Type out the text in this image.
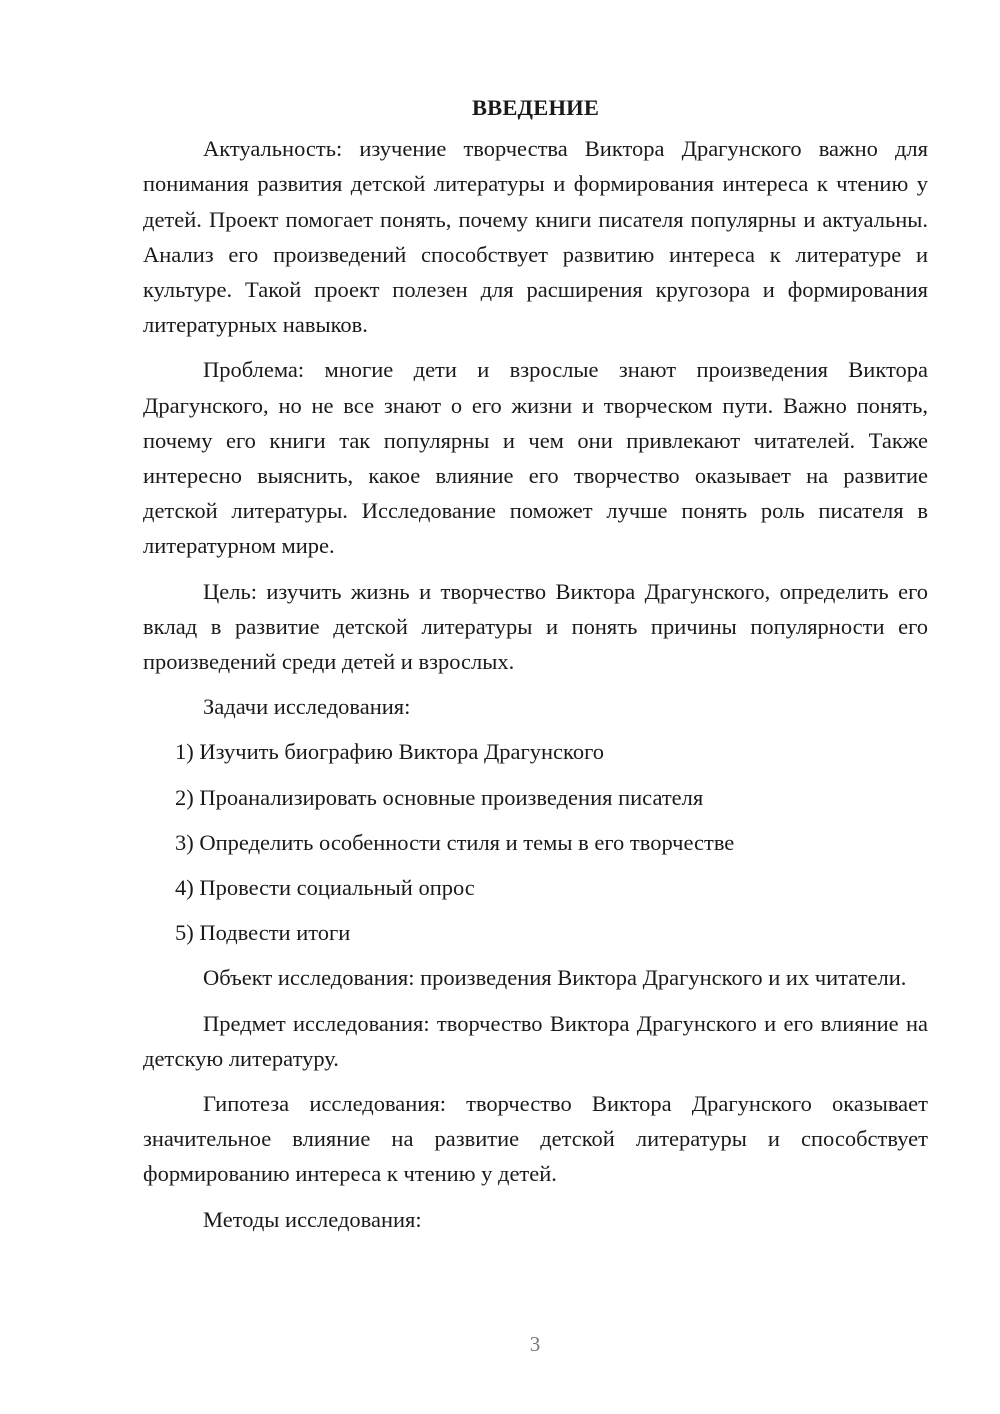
ВВЕДЕНИЕ

Актуальность: изучение творчества Виктора Драгунского важно для понимания развития детской литературы и формирования интереса к чтению у детей. Проект помогает понять, почему книги писателя популярны и актуальны. Анализ его произведений способствует развитию интереса к литературе и культуре. Такой проект полезен для расширения кругозора и формирования литературных навыков.

Проблема: многие дети и взрослые знают произведения Виктора Драгунского, но не все знают о его жизни и творческом пути. Важно понять, почему его книги так популярны и чем они привлекают читателей. Также интересно выяснить, какое влияние его творчество оказывает на развитие детской литературы. Исследование поможет лучше понять роль писателя в литературном мире.

Цель: изучить жизнь и творчество Виктора Драгунского, определить его вклад в развитие детской литературы и понять причины популярности его произведений среди детей и взрослых.

Задачи исследования:

1) Изучить биографию Виктора Драгунского
2) Проанализировать основные произведения писателя
3) Определить особенности стиля и темы в его творчестве
4) Провести социальный опрос
5) Подвести итоги

Объект исследования: произведения Виктора Драгунского и их читатели.

Предмет исследования: творчество Виктора Драгунского и его влияние на детскую литературу.

Гипотеза исследования: творчество Виктора Драгунского оказывает значительное влияние на развитие детской литературы и способствует формированию интереса к чтению у детей.

Методы исследования:

3
